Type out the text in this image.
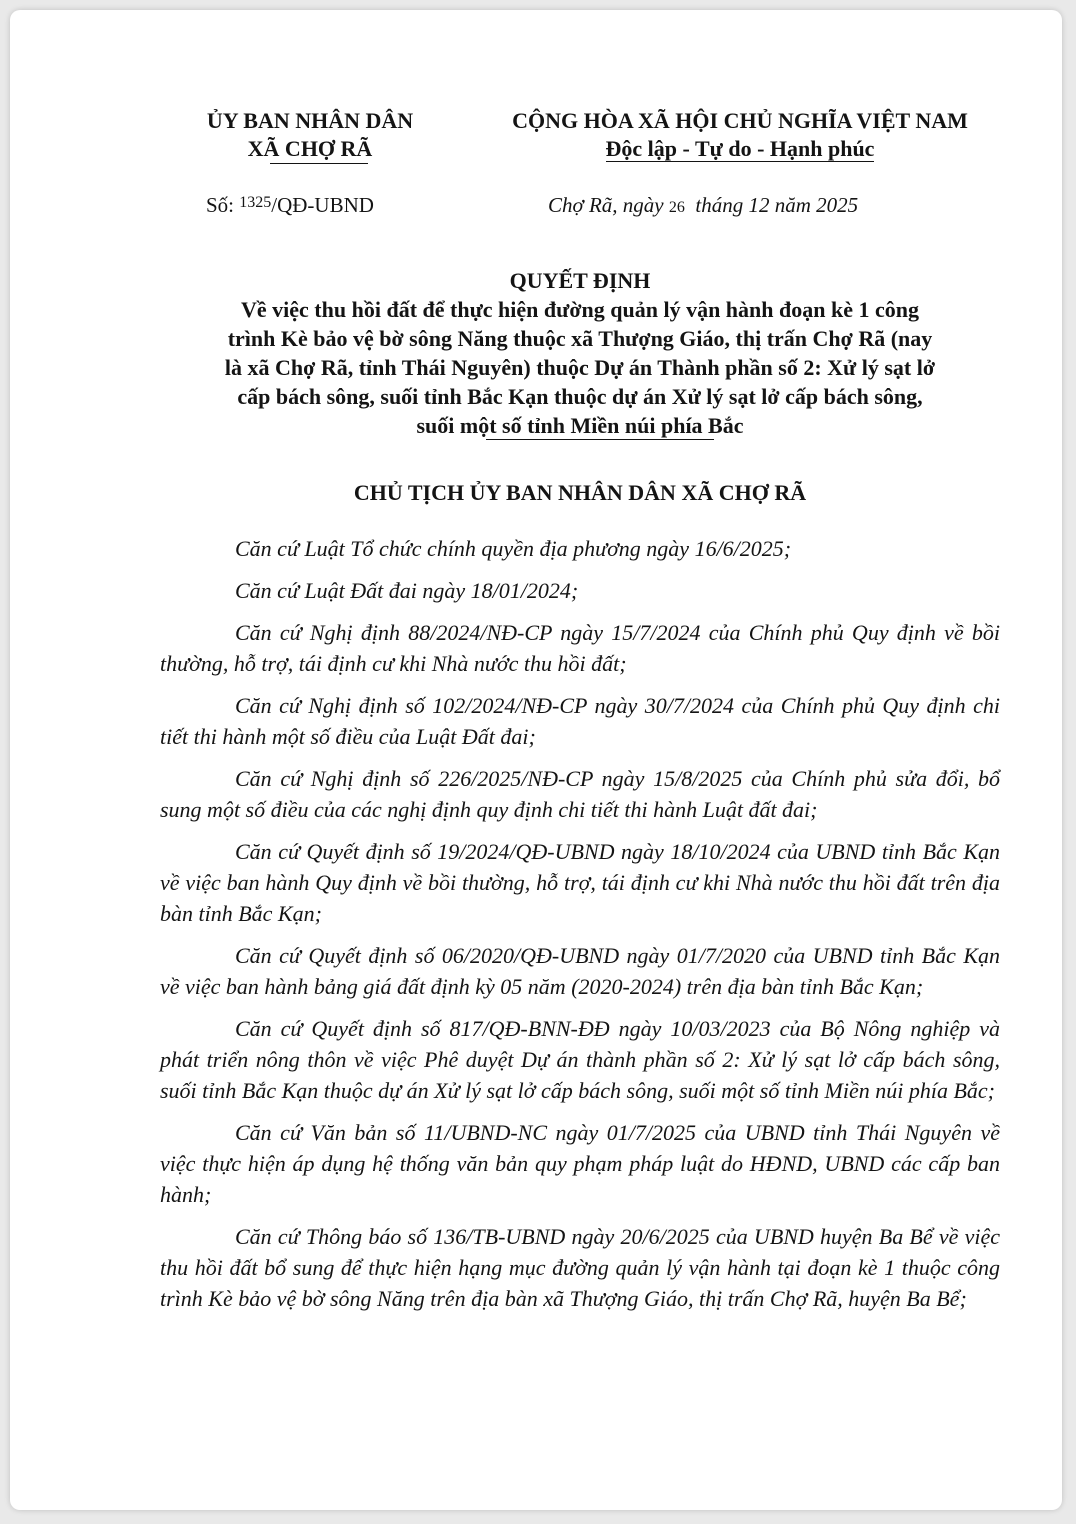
ỦY BAN NHÂN DÂN
XÃ CHỢ RÃ
CỘNG HÒA XÃ HỘI CHỦ NGHĨA VIỆT NAM
Độc lập - Tự do - Hạnh phúc
Số: $^{1325}$/QĐ-UBND	Chợ Rã, ngày 26 tháng 12 năm 2025
QUYẾT ĐỊNH
Về việc thu hồi đất để thực hiện đường quản lý vận hành đoạn kè 1 công
trình Kè bảo vệ bờ sông Năng thuộc xã Thượng Giáo, thị trấn Chợ Rã (nay
là xã Chợ Rã, tỉnh Thái Nguyên) thuộc Dự án Thành phần số 2: Xử lý sạt lở
cấp bách sông, suối tỉnh Bắc Kạn thuộc dự án Xử lý sạt lở cấp bách sông,
suối một số tỉnh Miền núi phía Bắc
CHỦ TỊCH ỦY BAN NHÂN DÂN XÃ CHỢ RÃ

Căn cứ Luật Tổ chức chính quyền địa phương ngày 16/6/2025;

Căn cứ Luật Đất đai ngày 18/01/2024;

Căn cứ Nghị định 88/2024/NĐ-CP ngày 15/7/2024 của Chính phủ Quy định về bồi thường, hỗ trợ, tái định cư khi Nhà nước thu hồi đất;

Căn cứ Nghị định số 102/2024/NĐ-CP ngày 30/7/2024 của Chính phủ Quy định chi tiết thi hành một số điều của Luật Đất đai;

Căn cứ Nghị định số 226/2025/NĐ-CP ngày 15/8/2025 của Chính phủ sửa đổi, bổ sung một số điều của các nghị định quy định chi tiết thi hành Luật đất đai;

Căn cứ Quyết định số 19/2024/QĐ-UBND ngày 18/10/2024 của UBND tỉnh Bắc Kạn về việc ban hành Quy định về bồi thường, hỗ trợ, tái định cư khi Nhà nước thu hồi đất trên địa bàn tỉnh Bắc Kạn;

Căn cứ Quyết định số 06/2020/QĐ-UBND ngày 01/7/2020 của UBND tỉnh Bắc Kạn về việc ban hành bảng giá đất định kỳ 05 năm (2020-2024) trên địa bàn tỉnh Bắc Kạn;

Căn cứ Quyết định số 817/QĐ-BNN-ĐĐ ngày 10/03/2023 của Bộ Nông nghiệp và phát triển nông thôn về việc Phê duyệt Dự án thành phần số 2: Xử lý sạt lở cấp bách sông, suối tỉnh Bắc Kạn thuộc dự án Xử lý sạt lở cấp bách sông, suối một số tỉnh Miền núi phía Bắc;

Căn cứ Văn bản số 11/UBND-NC ngày 01/7/2025 của UBND tỉnh Thái Nguyên về việc thực hiện áp dụng hệ thống văn bản quy phạm pháp luật do HĐND, UBND các cấp ban hành;

Căn cứ Thông báo số 136/TB-UBND ngày 20/6/2025 của UBND huyện Ba Bể về việc thu hồi đất bổ sung để thực hiện hạng mục đường quản lý vận hành tại đoạn kè 1 thuộc công trình Kè bảo vệ bờ sông Năng trên địa bàn xã Thượng Giáo, thị trấn Chợ Rã, huyện Ba Bể;
